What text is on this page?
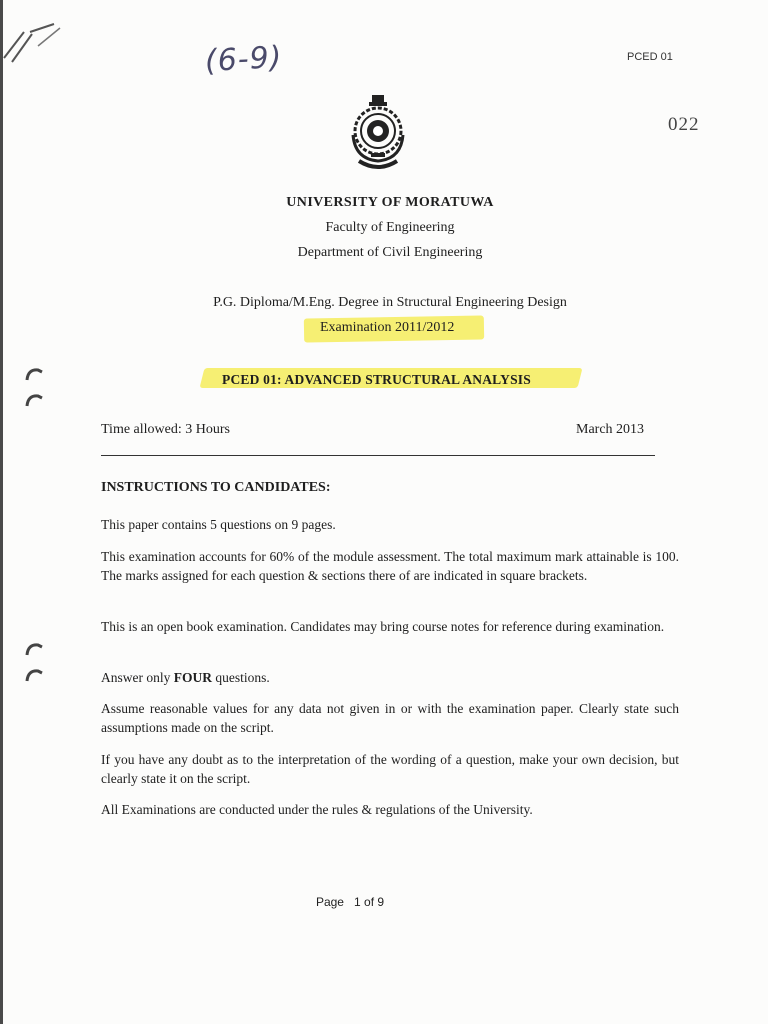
(6-9)	PCED 01
022
UNIVERSITY OF MORATUWA
Faculty of Engineering
Department of Civil Engineering
P.G. Diploma/M.Eng. Degree in Structural Engineering Design
Examination 2011/2012
PCED 01: ADVANCED STRUCTURAL ANALYSIS
Time allowed: 3 Hours	March 2013
INSTRUCTIONS TO CANDIDATES:
This paper contains 5 questions on 9 pages.
This examination accounts for 60% of the module assessment. The total maximum mark attainable is 100. The marks assigned for each question & sections there of are indicated in square brackets.
This is an open book examination. Candidates may bring course notes for reference during examination.
Answer only FOUR questions.
Assume reasonable values for any data not given in or with the examination paper. Clearly state such assumptions made on the script.
If you have any doubt as to the interpretation of the wording of a question, make your own decision, but clearly state it on the script.
All Examinations are conducted under the rules & regulations of the University.
Page 1 of 9
